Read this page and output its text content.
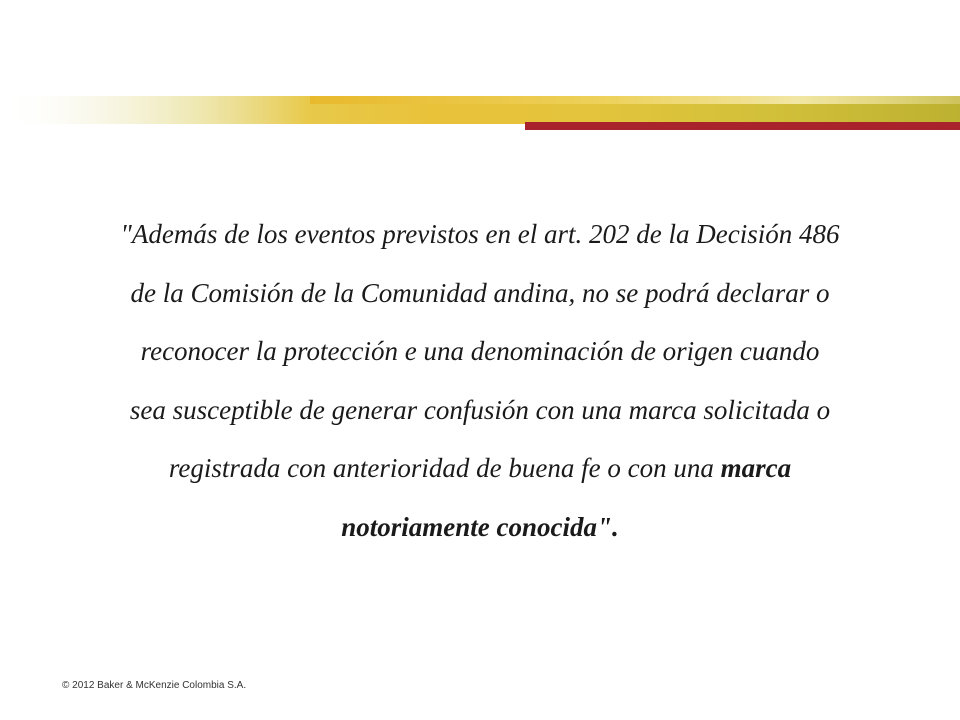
"Además de los eventos previstos en el art. 202 de la Decisión 486 de la Comisión de la Comunidad andina, no se podrá declarar o reconocer la protección e una denominación de origen cuando sea susceptible de generar confusión con una marca solicitada o registrada con anterioridad de buena fe o con una marca notoriamente conocida".

© 2012 Baker & McKenzie Colombia S.A.
